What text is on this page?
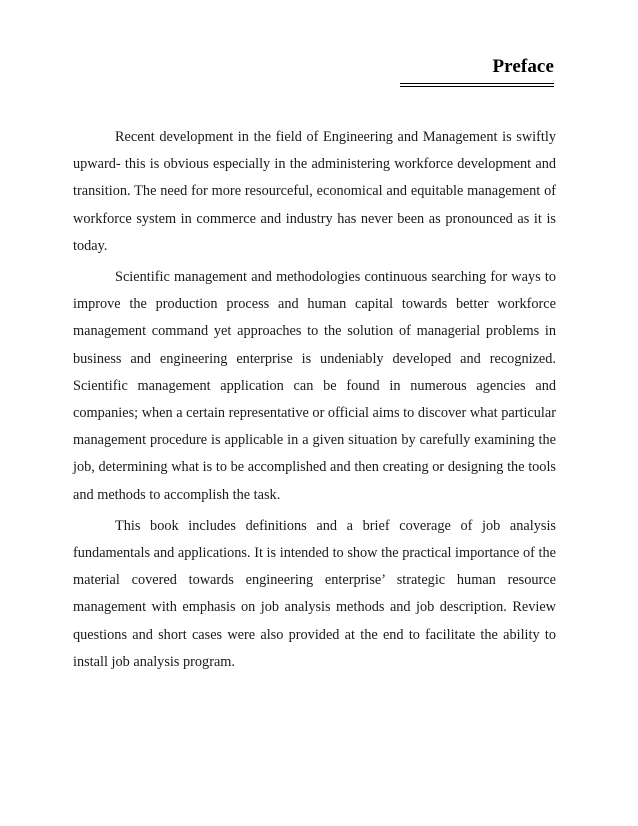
Preface

Recent development in the field of Engineering and Management is swiftly upward- this is obvious especially in the administering workforce development and transition. The need for more resourceful, economical and equitable management of workforce system in commerce and industry has never been as pronounced as it is today.

Scientific management and methodologies continuous searching for ways to improve the production process and human capital towards better workforce management command yet approaches to the solution of managerial problems in business and engineering enterprise is undeniably developed and recognized. Scientific management application can be found in numerous agencies and companies; when a certain representative or official aims to discover what particular management procedure is applicable in a given situation by carefully examining the job, determining what is to be accomplished and then creating or designing the tools and methods to accomplish the task.

This book includes definitions and a brief coverage of job analysis fundamentals and applications. It is intended to show the practical importance of the material covered towards engineering enterprise’ strategic human resource management with emphasis on job analysis methods and job description. Review questions and short cases were also provided at the end to facilitate the ability to install job analysis program.
